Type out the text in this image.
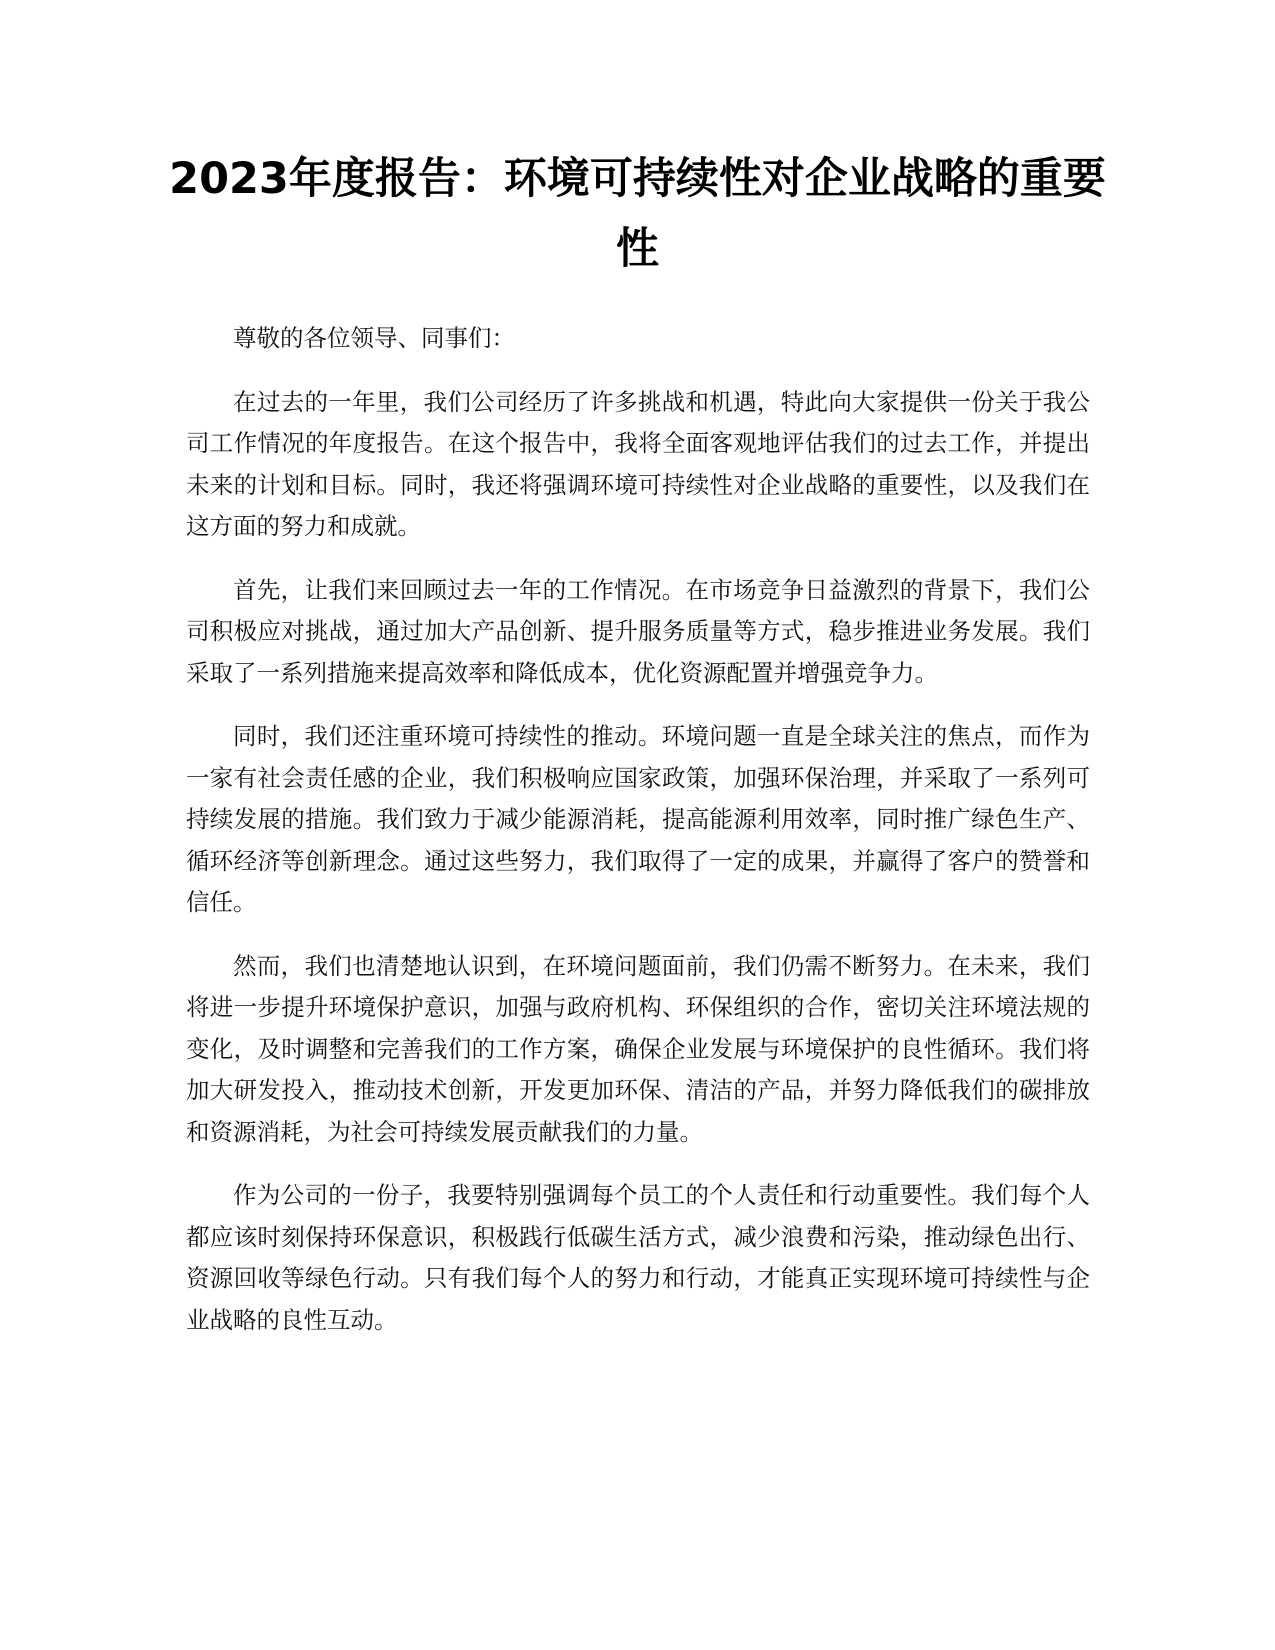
2023年度报告：环境可持续性对企业战略的重要性

尊敬的各位领导、同事们：

在过去的一年里，我们公司经历了许多挑战和机遇，特此向大家提供一份关于我公司工作情况的年度报告。在这个报告中，我将全面客观地评估我们的过去工作，并提出未来的计划和目标。同时，我还将强调环境可持续性对企业战略的重要性，以及我们在这方面的努力和成就。

首先，让我们来回顾过去一年的工作情况。在市场竞争日益激烈的背景下，我们公司积极应对挑战，通过加大产品创新、提升服务质量等方式，稳步推进业务发展。我们采取了一系列措施来提高效率和降低成本，优化资源配置并增强竞争力。

同时，我们还注重环境可持续性的推动。环境问题一直是全球关注的焦点，而作为一家有社会责任感的企业，我们积极响应国家政策，加强环保治理，并采取了一系列可持续发展的措施。我们致力于减少能源消耗，提高能源利用效率，同时推广绿色生产、循环经济等创新理念。通过这些努力，我们取得了一定的成果，并赢得了客户的赞誉和信任。

然而，我们也清楚地认识到，在环境问题面前，我们仍需不断努力。在未来，我们将进一步提升环境保护意识，加强与政府机构、环保组织的合作，密切关注环境法规的变化，及时调整和完善我们的工作方案，确保企业发展与环境保护的良性循环。我们将加大研发投入，推动技术创新，开发更加环保、清洁的产品，并努力降低我们的碳排放和资源消耗，为社会可持续发展贡献我们的力量。

作为公司的一份子，我要特别强调每个员工的个人责任和行动重要性。我们每个人都应该时刻保持环保意识，积极践行低碳生活方式，减少浪费和污染，推动绿色出行、资源回收等绿色行动。只有我们每个人的努力和行动，才能真正实现环境可持续性与企业战略的良性互动。
